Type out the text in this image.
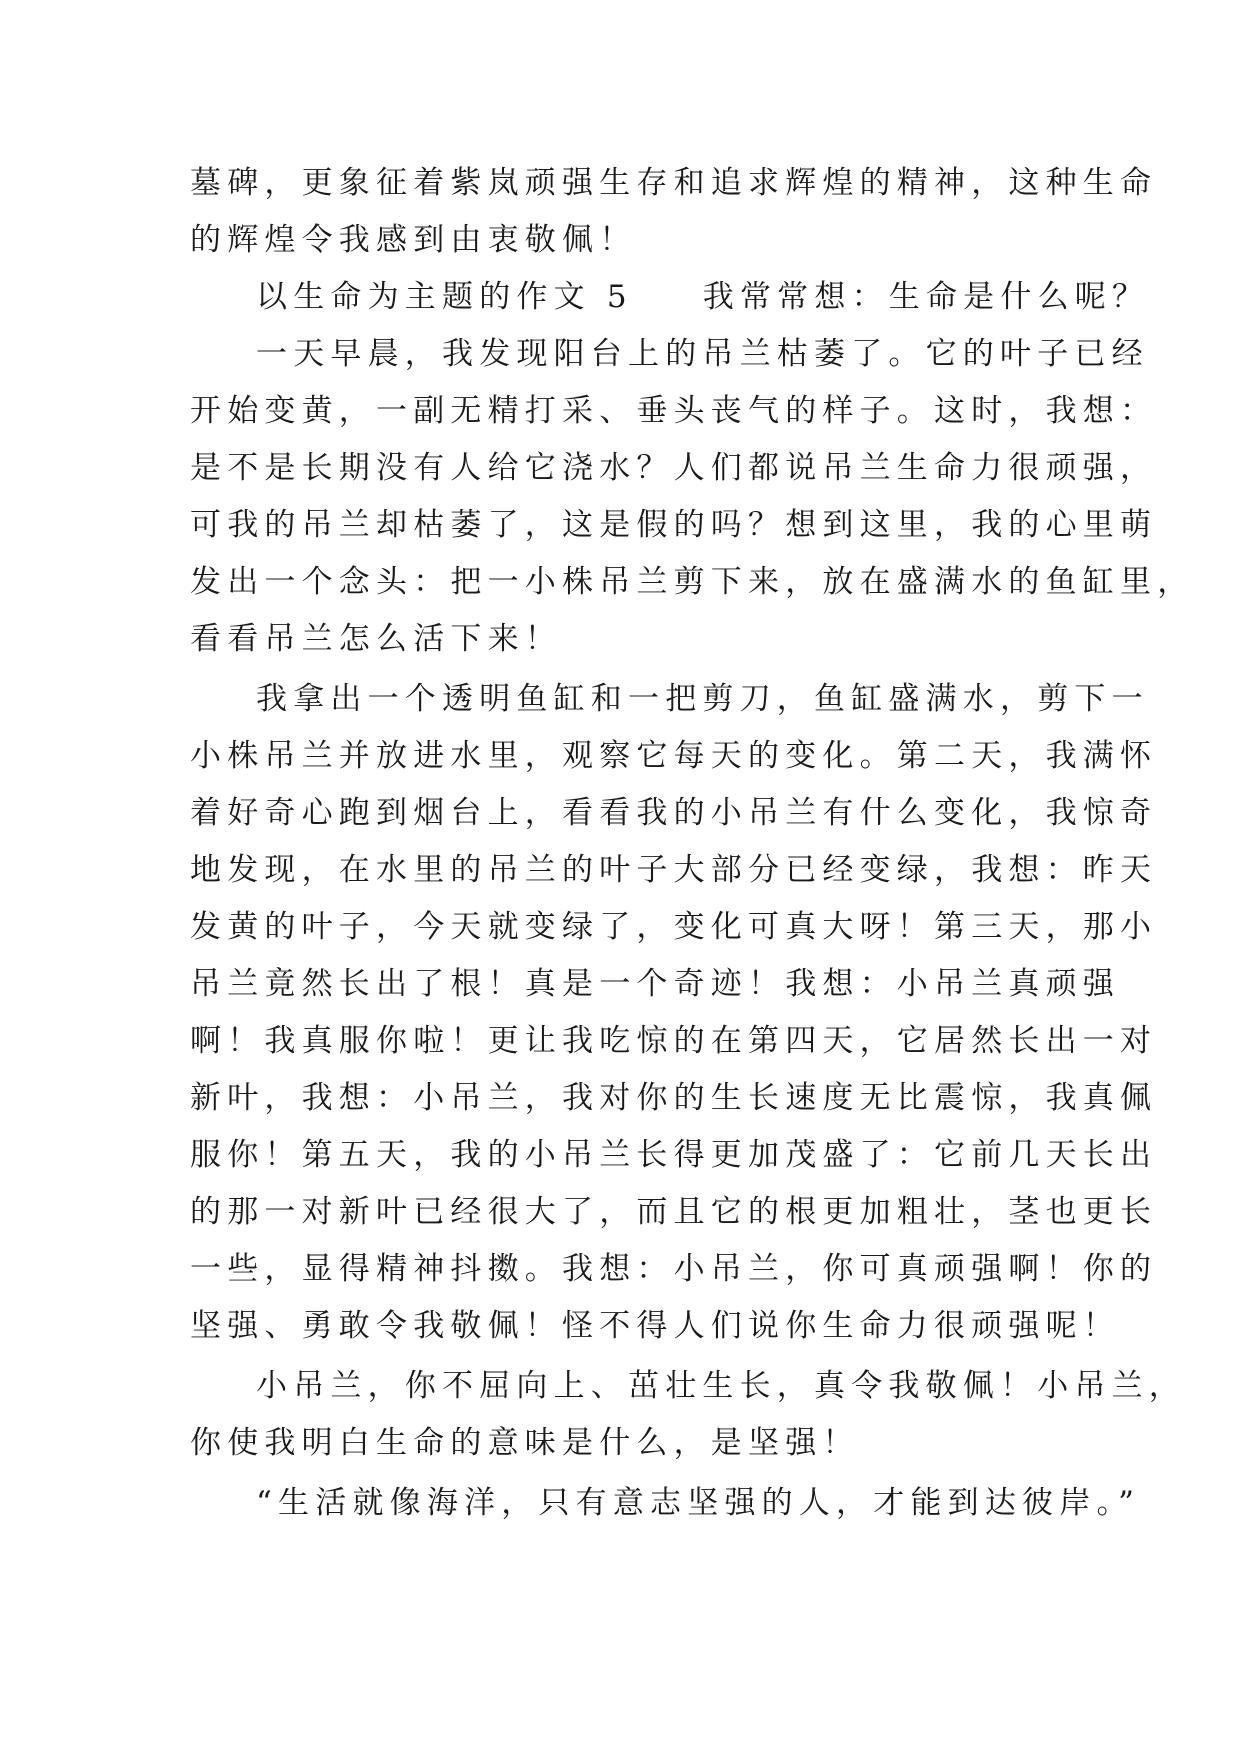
墓碑，更象征着紫岚顽强生存和追求辉煌的精神，这种生命
的辉煌令我感到由衷敬佩！
以生命为主题的作文 5 我常常想：生命是什么呢？
一天早晨，我发现阳台上的吊兰枯萎了。它的叶子已经
开始变黄，一副无精打采、垂头丧气的样子。这时，我想：
是不是长期没有人给它浇水？人们都说吊兰生命力很顽强，
可我的吊兰却枯萎了，这是假的吗？想到这里，我的心里萌
发出一个念头：把一小株吊兰剪下来，放在盛满水的鱼缸里，
看看吊兰怎么活下来！
我拿出一个透明鱼缸和一把剪刀，鱼缸盛满水，剪下一
小株吊兰并放进水里，观察它每天的变化。第二天，我满怀
着好奇心跑到烟台上，看看我的小吊兰有什么变化，我惊奇
地发现，在水里的吊兰的叶子大部分已经变绿，我想：昨天
发黄的叶子，今天就变绿了，变化可真大呀！第三天，那小
吊兰竟然长出了根！真是一个奇迹！我想：小吊兰真顽强
啊！我真服你啦！更让我吃惊的在第四天，它居然长出一对
新叶，我想：小吊兰，我对你的生长速度无比震惊，我真佩
服你！第五天，我的小吊兰长得更加茂盛了：它前几天长出
的那一对新叶已经很大了，而且它的根更加粗壮，茎也更长
一些，显得精神抖擞。我想：小吊兰，你可真顽强啊！你的
坚强、勇敢令我敬佩！怪不得人们说你生命力很顽强呢！
小吊兰，你不屈向上、茁壮生长，真令我敬佩！小吊兰，
你使我明白生命的意味是什么，是坚强！
“生活就像海洋，只有意志坚强的人，才能到达彼岸。”
